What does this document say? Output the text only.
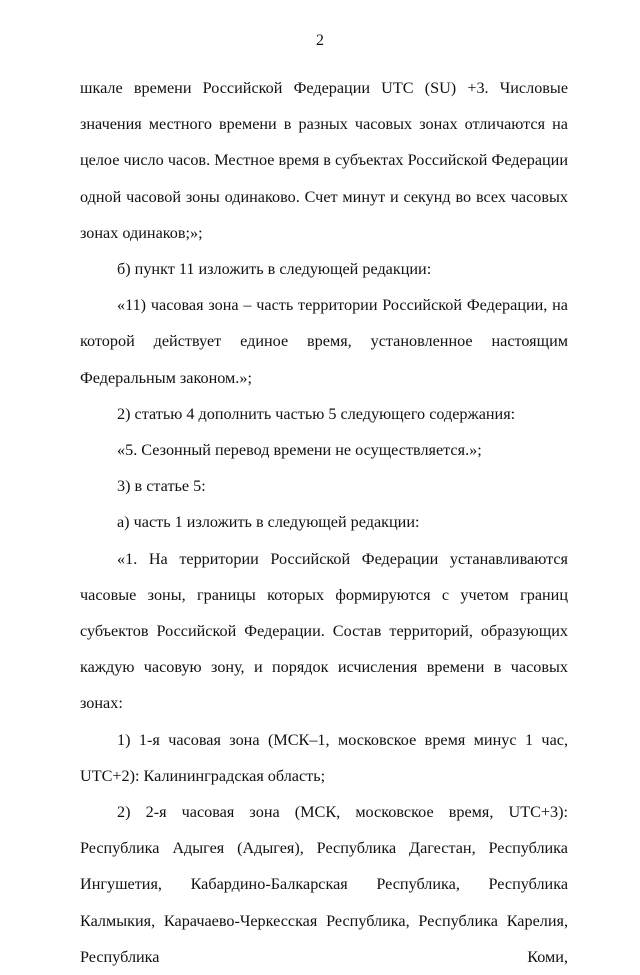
2

шкале времени Российской Федерации UTC (SU) +3. Числовые значения местного времени в разных часовых зонах отличаются на целое число часов. Местное время в субъектах Российской Федерации одной часовой зоны одинаково. Счет минут и секунд во всех часовых зонах одинаков;»;

б) пункт 11 изложить в следующей редакции:

«11) часовая зона – часть территории Российской Федерации, на которой действует единое время, установленное настоящим Федеральным законом.»;

2) статью 4 дополнить частью 5 следующего содержания:

«5. Сезонный перевод времени не осуществляется.»;

3) в статье 5:

а) часть 1 изложить в следующей редакции:

«1. На территории Российской Федерации устанавливаются часовые зоны, границы которых формируются с учетом границ субъектов Российской Федерации. Состав территорий, образующих каждую часовую зону, и порядок исчисления времени в часовых зонах:

1) 1-я часовая зона (МСК–1, московское время минус 1 час, UTC+2): Калининградская область;

2) 2-я часовая зона (МСК, московское время, UTC+3): Республика Адыгея (Адыгея), Республика Дагестан, Республика Ингушетия, Кабардино-Балкарская Республика, Республика Калмыкия, Карачаево-Черкесская Республика, Республика Карелия, Республика Коми,
